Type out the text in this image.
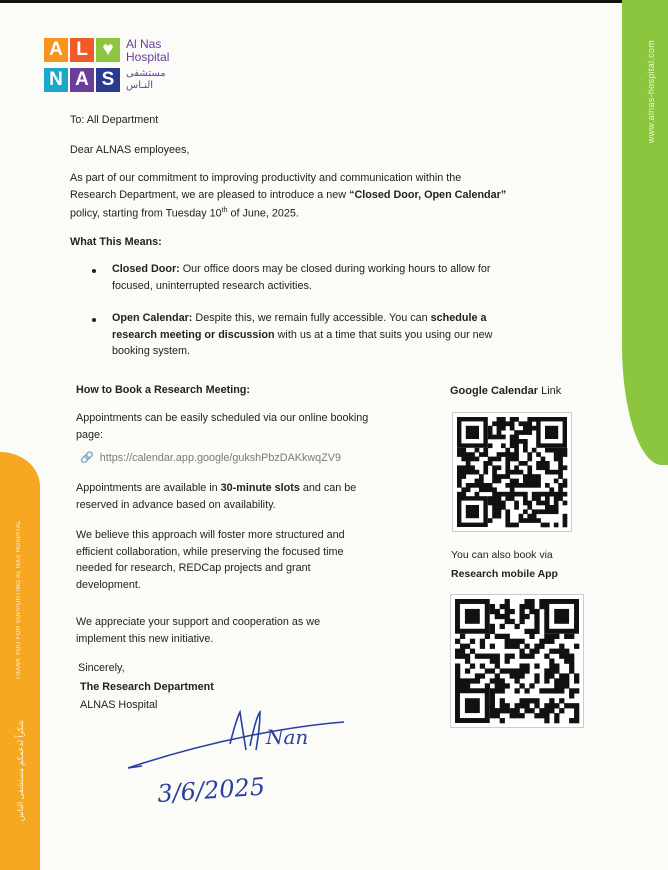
www.alnas-hospital.com
THANK YOU FOR SUPPORTING AL NAS HOSPITAL
شكراً لدعمكم مستشفى الناس
A L ♥
N A S
Al Nas
Hospital
مستشفى
النـاس
To: All Department
Dear ALNAS employees,
As part of our commitment to improving productivity and communication within the
Research Department, we are pleased to introduce a new “Closed Door, Open Calendar”
policy, starting from Tuesday 10th of June, 2025.
What This Means:
Closed Door: Our office doors may be closed during working hours to allow for
focused, uninterrupted research activities.
Open Calendar: Despite this, we remain fully accessible. You can schedule a
research meeting or discussion with us at a time that suits you using our new
booking system.
How to Book a Research Meeting:
Appointments can be easily scheduled via our online booking
page:
🔗 https://calendar.app.google/gukshPbzDAKkwqZV9
Appointments are available in 30-minute slots and can be
reserved in advance based on availability.
We believe this approach will foster more structured and
efficient collaboration, while preserving the focused time
needed for research, REDCap projects and grant
development.
We appreciate your support and cooperation as we
implement this new initiative.
Sincerely,
The Research Department
ALNAS Hospital
Nan
3/6/2025
Google Calendar Link
You can also book via
Research mobile App
